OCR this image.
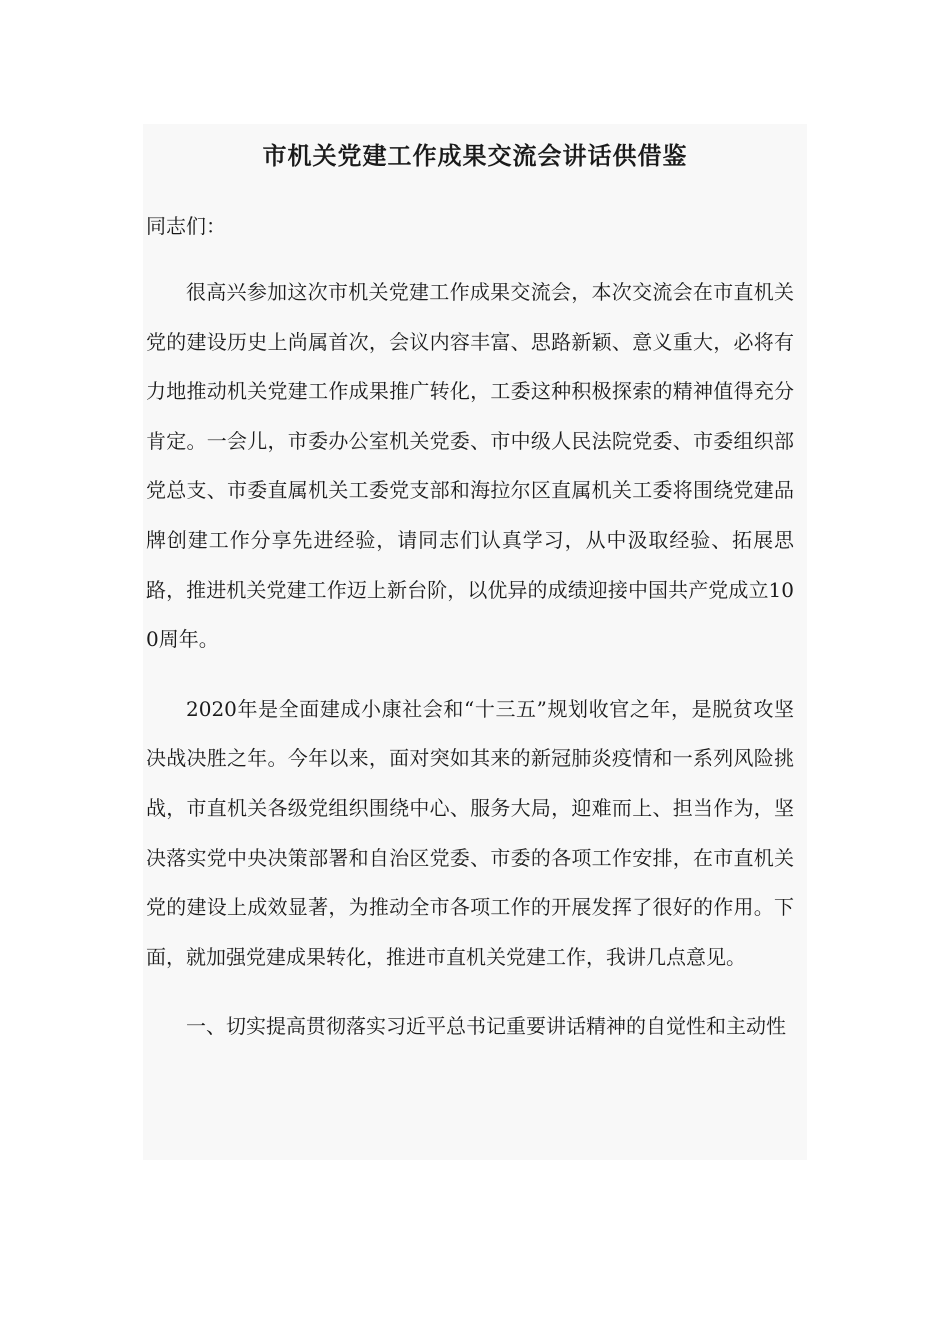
市机关党建工作成果交流会讲话供借鉴

同志们：

很高兴参加这次市机关党建工作成果交流会，本次交流会在市直机关党的建设历史上尚属首次，会议内容丰富、思路新颖、意义重大，必将有力地推动机关党建工作成果推广转化，工委这种积极探索的精神值得充分肯定。一会儿，市委办公室机关党委、市中级人民法院党委、市委组织部党总支、市委直属机关工委党支部和海拉尔区直属机关工委将围绕党建品牌创建工作分享先进经验，请同志们认真学习，从中汲取经验、拓展思路，推进机关党建工作迈上新台阶，以优异的成绩迎接中国共产党成立100周年。

2020年是全面建成小康社会和“十三五”规划收官之年，是脱贫攻坚决战决胜之年。今年以来，面对突如其来的新冠肺炎疫情和一系列风险挑战，市直机关各级党组织围绕中心、服务大局，迎难而上、担当作为，坚决落实党中央决策部署和自治区党委、市委的各项工作安排，在市直机关党的建设上成效显著，为推动全市各项工作的开展发挥了很好的作用。下面，就加强党建成果转化，推进市直机关党建工作，我讲几点意见。

一、切实提高贯彻落实习近平总书记重要讲话精神的自觉性和主动性
